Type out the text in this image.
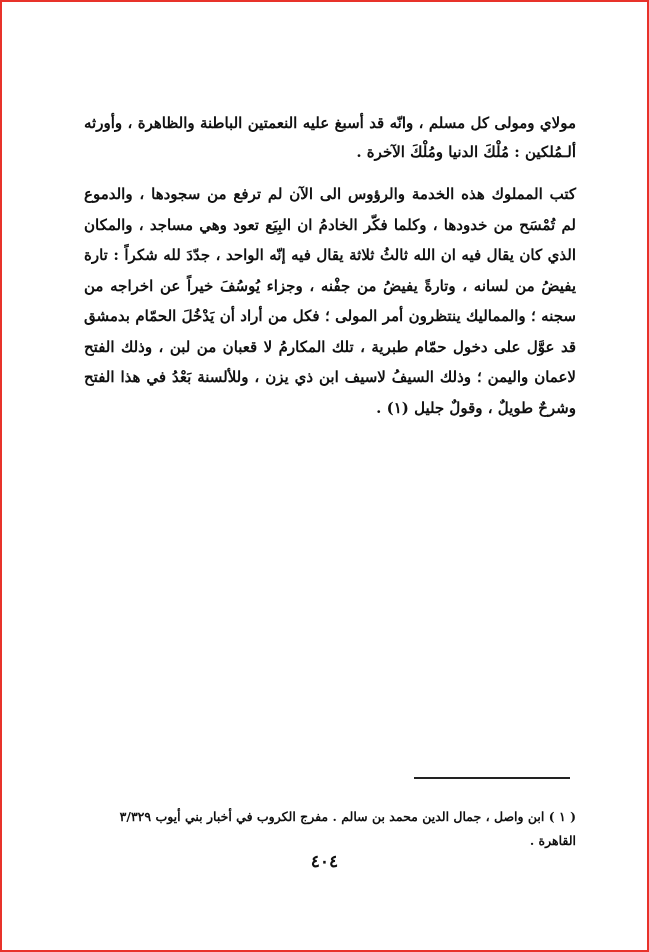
مولاي ومولى كل مسلم ، وانّه قد أسبغ عليه النعمتين الباطنة والظاهرة ، وأورثه ألـمُلكين : مُلْكَ الدنيا ومُلْكَ الآخرة .

كتب المملوك هذه الخدمة والرؤوس الى الآن لم ترفع من سجودها ، والدموع لم تُمْسَح من خدودها ، وكلما فكّر الخادمُ ان البِيَع تعود وهي مساجد ، والمكان الذي كان يقال فيه ان الله ثالثُ ثلاثة يقال فيه إنّه الواحد ، جدّدَ لله شكراً : تارة يفيضُ من لسانه ، وتارةً يفيضُ من جفْنه ، وجزاء يُوسُفَ خيراً عن اخراجه من سجنه ؛ والمماليك ينتظرون أمر المولى ؛ فكل من أراد أن يَدْخُلَ الحمّام بدمشق قد عوَّل على دخول حمّام طبرية ، تلك المكارمُ لا قعبان من لبن ، وذلك الفتح لاعمان واليمن ؛ وذلك السيفُ لاسيف ابن ذي يزن ، وللألسنة بَعْدُ في هذا الفتح وشرحٌ طويلٌ ، وقولٌ جليل (١) .

( ١ ) ابن واصل ، جمال الدين محمد بن سالم . مفرج الكروب في أخبار بني أيوب ٣/٣٢٩ القاهرة .

٤٠٤
